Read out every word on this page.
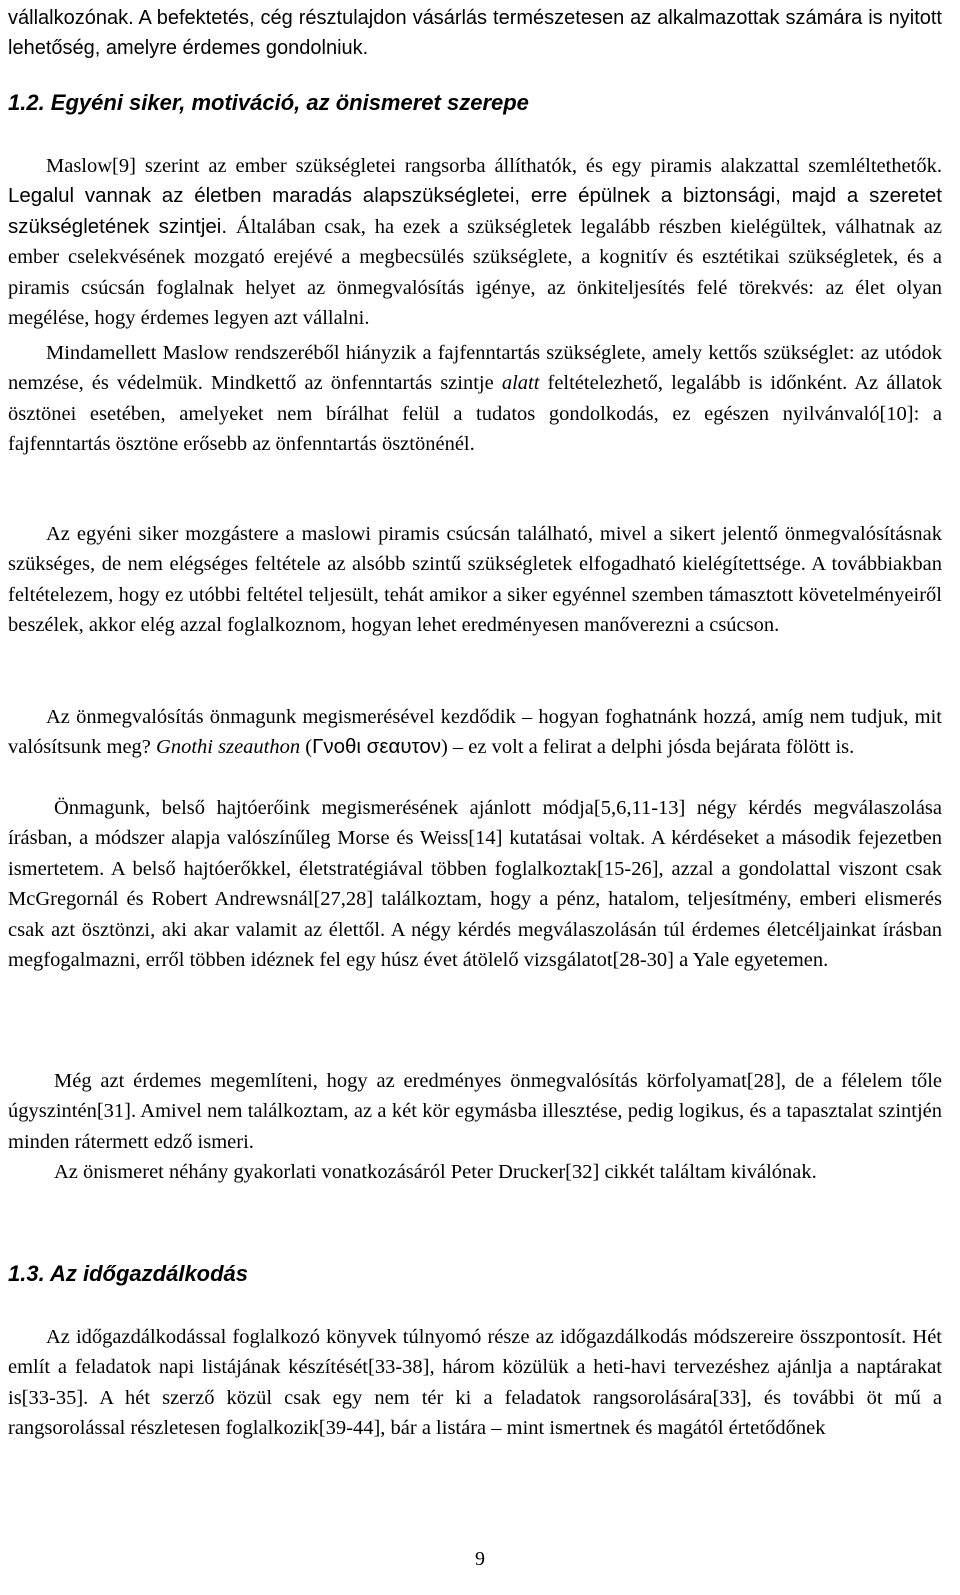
vállalkozónak. A befektetés, cég résztulajdon vásárlás természetesen az alkalmazottak számára is nyitott lehetőség, amelyre érdemes gondolniuk.

1.2. Egyéni siker, motiváció, az önismeret szerepe

Maslow[9] szerint az ember szükségletei rangsorba állíthatók, és egy piramis alakzattal szemléltethetők. Legalul vannak az életben maradás alapszükségletei, erre épülnek a biztonsági, majd a szeretet szükségletének szintjei. Általában csak, ha ezek a szükségletek legalább részben kielégültek, válhatnak az ember cselekvésének mozgató erejévé a megbecsülés szükséglete, a kognitív és esztétikai szükségletek, és a piramis csúcsán foglalnak helyet az önmegvalósítás igénye, az önkiteljesítés felé törekvés: az élet olyan megélése, hogy érdemes legyen azt vállalni.

Mindamellett Maslow rendszeréből hiányzik a fajfenntartás szükséglete, amely kettős szükséglet: az utódok nemzése, és védelmük. Mindkettő az önfenntartás szintje alatt feltételezhető, legalább is időnként. Az állatok ösztönei esetében, amelyeket nem bírálhat felül a tudatos gondolkodás, ez egészen nyilvánvaló[10]: a fajfenntartás ösztöne erősebb az önfenntartás ösztönénél.

Az egyéni siker mozgástere a maslowi piramis csúcsán található, mivel a sikert jelentő önmegvalósításnak szükséges, de nem elégséges feltétele az alsóbb szintű szükségletek elfogadható kielégítettsége. A továbbiakban feltételezem, hogy ez utóbbi feltétel teljesült, tehát amikor a siker egyénnel szemben támasztott követelményeiről beszélek, akkor elég azzal foglalkoznom, hogyan lehet eredményesen manőverezni a csúcson.

Az önmegvalósítás önmagunk megismerésével kezdődik – hogyan foghatnánk hozzá, amíg nem tudjuk, mit valósítsunk meg? Gnothi szeauthon (Γνοθι σεαυτον) – ez volt a felirat a delphi jósda bejárata fölött is.

Önmagunk, belső hajtóerőink megismerésének ajánlott módja[5,6,11-13] négy kérdés megválaszolása írásban, a módszer alapja valószínűleg Morse és Weiss[14] kutatásai voltak. A kérdéseket a második fejezetben ismertetem. A belső hajtóerőkkel, életstratégiával többen foglalkoztak[15-26], azzal a gondolattal viszont csak McGregornál és Robert Andrewsnál[27,28] találkoztam, hogy a pénz, hatalom, teljesítmény, emberi elismerés csak azt ösztönzi, aki akar valamit az élettől. A négy kérdés megválaszolásán túl érdemes életcéljainkat írásban megfogalmazni, erről többen idéznek fel egy húsz évet átölelő vizsgálatot[28-30] a Yale egyetemen.

Még azt érdemes megemlíteni, hogy az eredményes önmegvalósítás körfolyamat[28], de a félelem tőle úgyszintén[31]. Amivel nem találkoztam, az a két kör egymásba illesztése, pedig logikus, és a tapasztalat szintjén minden rátermett edző ismeri.

Az önismeret néhány gyakorlati vonatkozásáról Peter Drucker[32] cikkét találtam kiválónak.

1.3. Az időgazdálkodás

Az időgazdálkodással foglalkozó könyvek túlnyomó része az időgazdálkodás módszereire összpontosít. Hét említ a feladatok napi listájának készítését[33-38], három közülük a heti-havi tervezéshez ajánlja a naptárakat is[33-35]. A hét szerző közül csak egy nem tér ki a feladatok rangsorolására[33], és további öt mű a rangsorolással részletesen foglalkozik[39-44], bár a listára – mint ismertnek és magától értetődőnek

9
